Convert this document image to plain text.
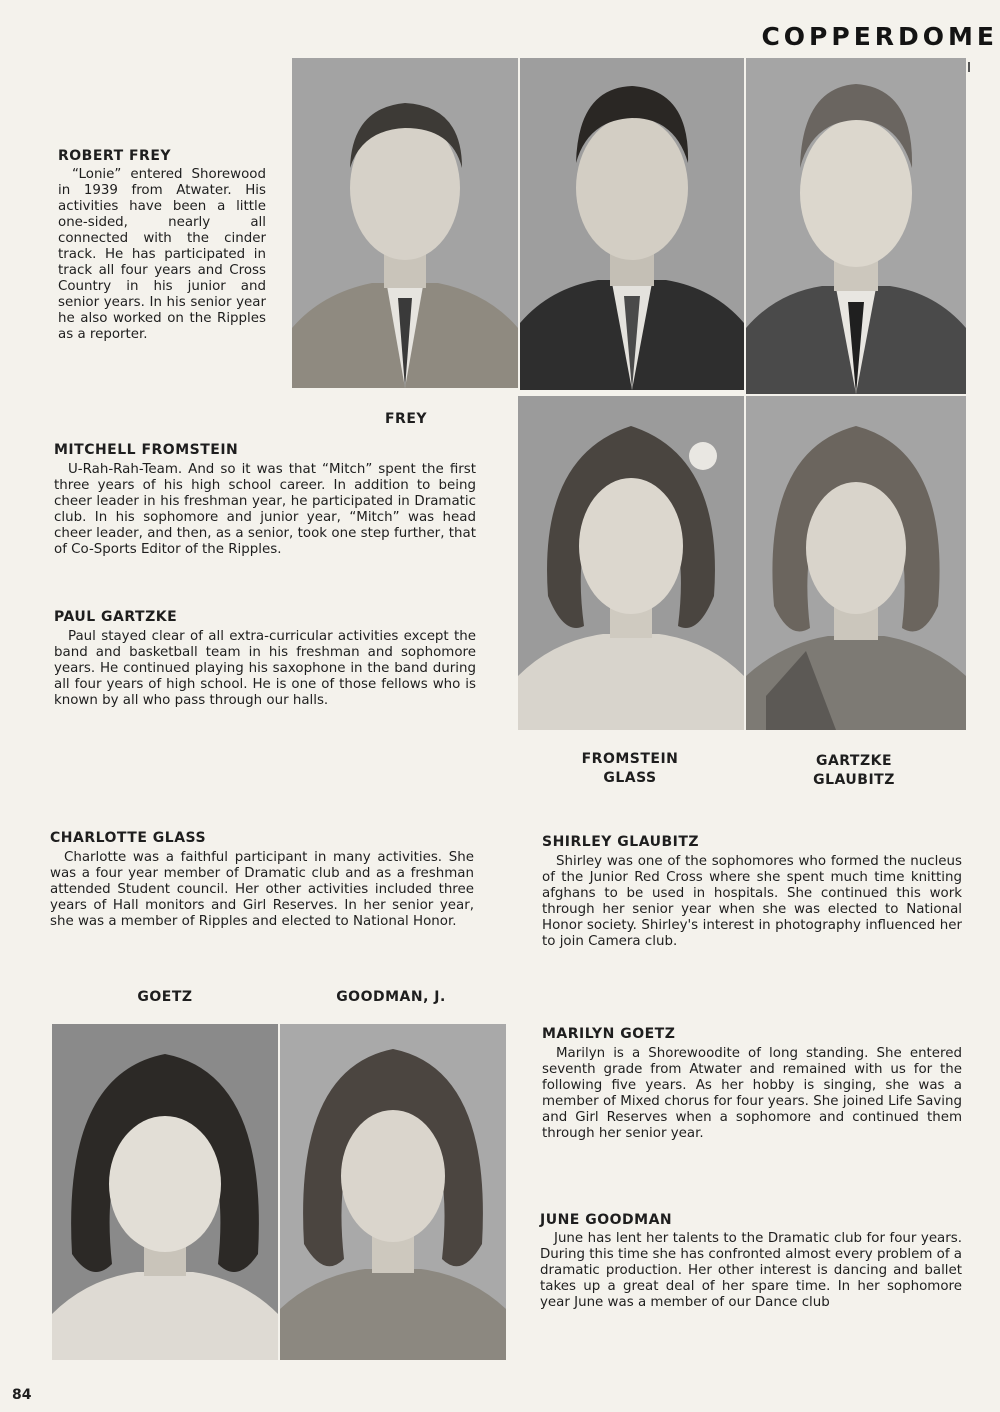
COPPERDOME
ROBERT FREY

“Lonie” entered Shorewood in 1939 from Atwater. His activities have been a little one-sided, nearly all connected with the cinder track. He has participated in track all four years and Cross Country in his junior and senior years. In his senior year he also worked on the Ripples as a reporter.

FREY
MITCHELL FROMSTEIN

U-Rah-Rah-Team. And so it was that “Mitch” spent the first three years of his high school career. In addition to being cheer leader in his freshman year, he participated in Dramatic club. In his sophomore and junior year, “Mitch” was head cheer leader, and then, as a senior, took one step further, that of Co-Sports Editor of the Ripples.

PAUL GARTZKE

Paul stayed clear of all extra-curricular activities except the band and basketball team in his freshman and sophomore years. He continued playing his saxophone in the band during all four years of high school. He is one of those fellows who is known by all who pass through our halls.

FROMSTEIN
GLASS
GARTZKE
GLAUBITZ
CHARLOTTE GLASS

Charlotte was a faithful participant in many activities. She was a four year member of Dramatic club and as a freshman attended Student council. Her other activities included three years of Hall monitors and Girl Reserves. In her senior year, she was a member of Ripples and elected to National Honor.

SHIRLEY GLAUBITZ

Shirley was one of the sophomores who formed the nucleus of the Junior Red Cross where she spent much time knitting afghans to be used in hospitals. She continued this work through her senior year when she was elected to National Honor society. Shirley's interest in photography influenced her to join Camera club.

GOETZ	GOODMAN, J.
MARILYN GOETZ

Marilyn is a Shorewoodite of long standing. She entered seventh grade from Atwater and remained with us for the following five years. As her hobby is singing, she was a member of Mixed chorus for four years. She joined Life Saving and Girl Reserves when a sophomore and continued them through her senior year.

JUNE GOODMAN

June has lent her talents to the Dramatic club for four years. During this time she has confronted almost every problem of a dramatic production. Her other interest is dancing and ballet takes up a great deal of her spare time. In her sophomore year June was a member of our Dance club

84
